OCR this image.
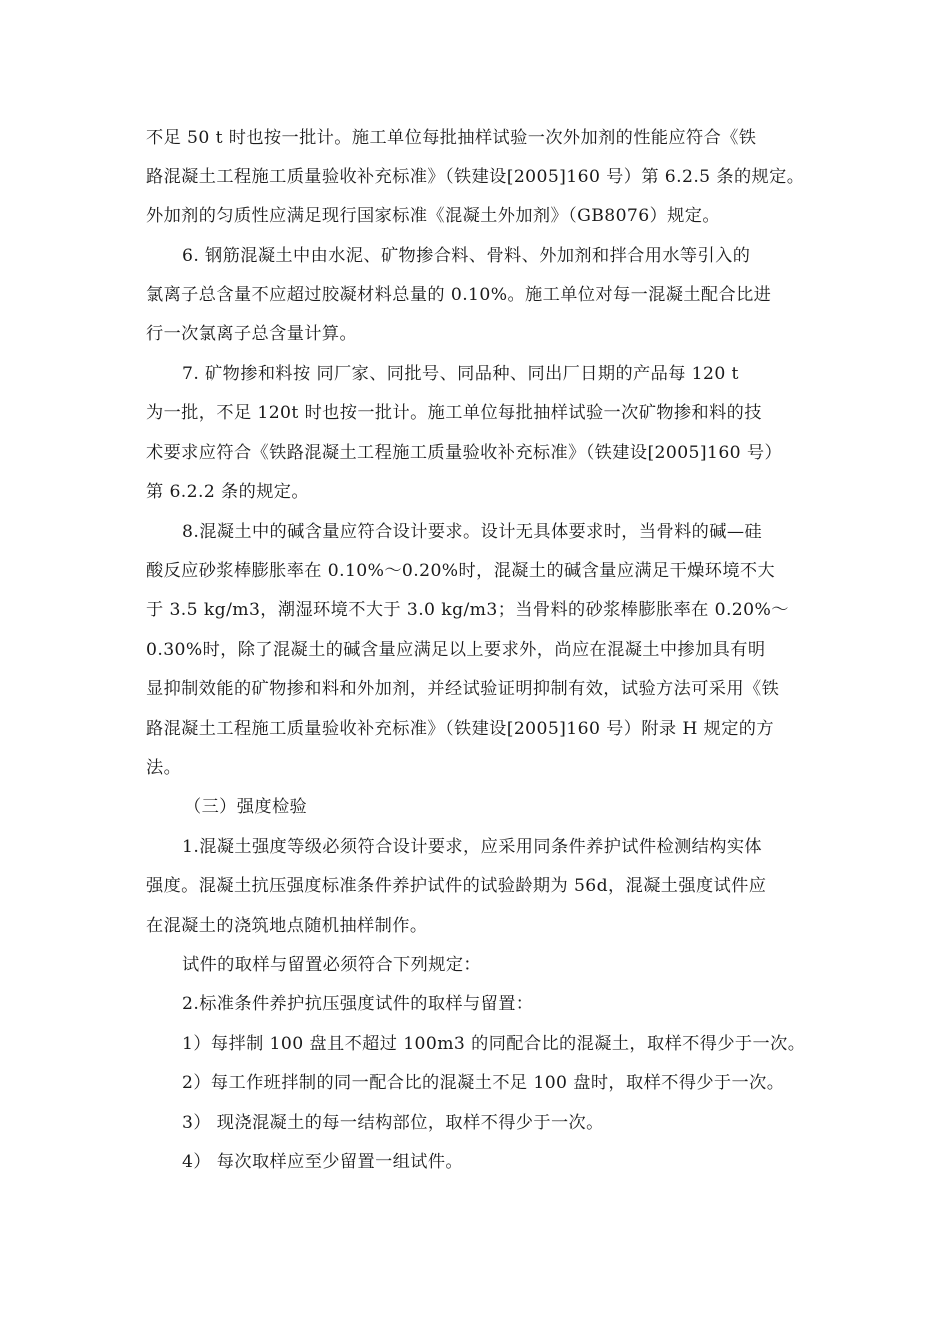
不足 50 t 时也按一批计。施工单位每批抽样试验一次外加剂的性能应符合《铁
路混凝土工程施工质量验收补充标准》（铁建设[2005]160 号）第 6.2.5 条的规定。
外加剂的匀质性应满足现行国家标准《混凝土外加剂》（GB8076）规定。
6. 钢筋混凝土中由水泥、矿物掺合料、骨料、外加剂和拌合用水等引入的
氯离子总含量不应超过胶凝材料总量的 0.10%。施工单位对每一混凝土配合比进
行一次氯离子总含量计算。
7. 矿物掺和料按 同厂家、同批号、同品种、同出厂日期的产品每 120 t
为一批，不足 120t 时也按一批计。施工单位每批抽样试验一次矿物掺和料的技
术要求应符合《铁路混凝土工程施工质量验收补充标准》（铁建设[2005]160 号）
第 6.2.2 条的规定。
8.混凝土中的碱含量应符合设计要求。设计无具体要求时，当骨料的碱—硅
酸反应砂浆棒膨胀率在 0.10%～0.20%时，混凝土的碱含量应满足干燥环境不大
于 3.5 kg/m3，潮湿环境不大于 3.0 kg/m3；当骨料的砂浆棒膨胀率在 0.20%～
0.30%时，除了混凝土的碱含量应满足以上要求外，尚应在混凝土中掺加具有明
显抑制效能的矿物掺和料和外加剂，并经试验证明抑制有效，试验方法可采用《铁
路混凝土工程施工质量验收补充标准》（铁建设[2005]160 号）附录 H 规定的方
法。
（三）强度检验
1.混凝土强度等级必须符合设计要求，应采用同条件养护试件检测结构实体
强度。混凝土抗压强度标准条件养护试件的试验龄期为 56d，混凝土强度试件应
在混凝土的浇筑地点随机抽样制作。
试件的取样与留置必须符合下列规定：
2.标准条件养护抗压强度试件的取样与留置：
1）每拌制 100 盘且不超过 100m3 的同配合比的混凝土，取样不得少于一次。
2）每工作班拌制的同一配合比的混凝土不足 100 盘时，取样不得少于一次。
3） 现浇混凝土的每一结构部位，取样不得少于一次。
4） 每次取样应至少留置一组试件。
